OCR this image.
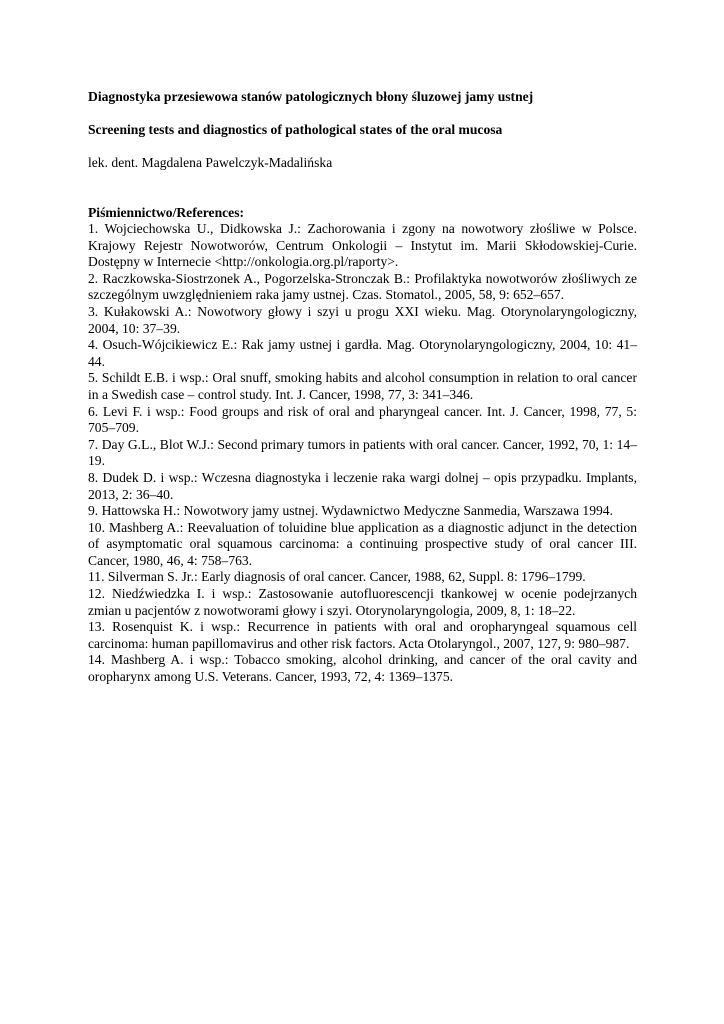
Diagnostyka przesiewowa stanów patologicznych błony śluzowej jamy ustnej

Screening tests and diagnostics of pathological states of the oral mucosa

lek. dent. Magdalena Pawelczyk-Madalińska

Piśmiennictwo/References:

1. Wojciechowska U., Didkowska J.: Zachorowania i zgony na nowotwory złośliwe w Polsce. Krajowy Rejestr Nowotworów, Centrum Onkologii – Instytut im. Marii Skłodowskiej-Curie. Dostępny w Internecie <http://onkologia.org.pl/raporty>.
2. Raczkowska-Siostrzonek A., Pogorzelska-Stronczak B.: Profilaktyka nowotworów złośliwych ze szczególnym uwzględnieniem raka jamy ustnej. Czas. Stomatol., 2005, 58, 9: 652–657.
3. Kułakowski A.: Nowotwory głowy i szyi u progu XXI wieku. Mag. Otorynolaryngologiczny, 2004, 10: 37–39.
4. Osuch-Wójcikiewicz E.: Rak jamy ustnej i gardła. Mag. Otorynolaryngologiczny, 2004, 10: 41–44.
5. Schildt E.B. i wsp.: Oral snuff, smoking habits and alcohol consumption in relation to oral cancer in a Swedish case – control study. Int. J. Cancer, 1998, 77, 3: 341–346.
6. Levi F. i wsp.: Food groups and risk of oral and pharyngeal cancer. Int. J. Cancer, 1998, 77, 5: 705–709.
7. Day G.L., Blot W.J.: Second primary tumors in patients with oral cancer. Cancer, 1992, 70, 1: 14–19.
8. Dudek D. i wsp.: Wczesna diagnostyka i leczenie raka wargi dolnej – opis przypadku. Implants, 2013, 2: 36–40.
9. Hattowska H.: Nowotwory jamy ustnej. Wydawnictwo Medyczne Sanmedia, Warszawa 1994.
10. Mashberg A.: Reevaluation of toluidine blue application as a diagnostic adjunct in the detection of asymptomatic oral squamous carcinoma: a continuing prospective study of oral cancer III. Cancer, 1980, 46, 4: 758–763.
11. Silverman S. Jr.: Early diagnosis of oral cancer. Cancer, 1988, 62, Suppl. 8: 1796–1799.
12. Niedźwiedzka I. i wsp.: Zastosowanie autofluorescencji tkankowej w ocenie podejrzanych zmian u pacjentów z nowotworami głowy i szyi. Otorynolaryngologia, 2009, 8, 1: 18–22.
13. Rosenquist K. i wsp.: Recurrence in patients with oral and oropharyngeal squamous cell carcinoma: human papillomavirus and other risk factors. Acta Otolaryngol., 2007, 127, 9: 980–987.
14. Mashberg A. i wsp.: Tobacco smoking, alcohol drinking, and cancer of the oral cavity and oropharynx among U.S. Veterans. Cancer, 1993, 72, 4: 1369–1375.
